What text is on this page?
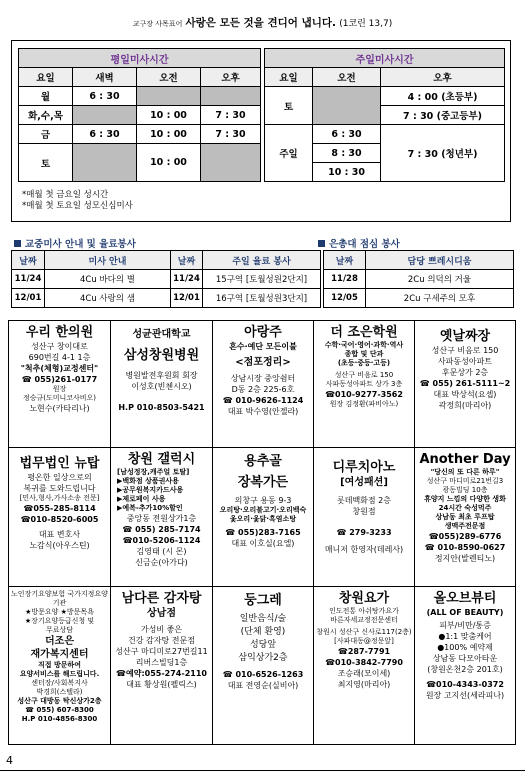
교구장 사목표어 사랑은 모든 것을 견디어 냅니다. (1코린 13,7)
평일미사시간					주일미사시간		
요일	새벽	오전	오후		요일	오전	오후
월	6 : 30				토		4 : 00 (초등부)
화,수,목		10 : 00	7 : 30				7 : 30 (중고등부)
금	6 : 30	10 : 00	7 : 30		주일	6 : 30	7 : 30 (청년부)
토		10 : 00				8 : 30	
						10 : 30	
*매월 첫 금요일 성시간
*매월 첫 토요일 성모신심미사
교중미사 안내 및 율료봉사	은총대 점심 봉사
날짜	미사 안내	날짜	주일 율료 봉사
11/24	4Cu 바다의 별	11/24	15구역 [토월성원2단지]
12/01	4Cu 사랑의 샘	12/01	16구역 [토월성원3단지]
날짜	담당 쁘레시디움
11/28	2Cu 의덕의 거울
12/05	2Cu 구세주의 모후
우리 한의원
성산구 창이대로
690번길 4-1 1층
"척추(체형)교정센터"
☎ 055)261-0177
원장
정승규(도미니코사비오)
노현수(카타리나)
성균관대학교
삼성창원병원
병원발전후원회 회장
이성호(빈첸시오)
H.P 010-8503-5421
아랑주
혼수·예단 모든이불
<점포정리>
상남시장 중앙쉼터
D동 2층 225-6호
☎ 010-9626-1124
대표 박수영(안젤라)
더 조은학원
수학·국어·영어·과학·역사
종합 및 단과
(초등·중등·고등)
성산구 비음로 150
사파동성아파트 상가 3층
☎010-9277-3562
원장 김정환(파비아노)
옛날짜장
성산구 비음로 150
사파동성아파트
후문상가 2층
☎ 055) 261-5111~2
대표 박상석(요셉)
곽정희(마리아)
법무법인 뉴탑
평온한 일상으로의
복귀를 도와드립니다
[민사,형사,가사소송 전문]
☎055-285-8114
☎010-8520-6005
대표 변호사
노감식(아우스틴)
창원 갤럭시
[남성정장,캐주얼 토탈]
▶백화점 상품권사용
▶공무원복지카드사용
▶제로페이 사용
▶예복-추가10%할인
중앙동 전원상가1층
☎ 055) 285-7174
☎010-5206-1124
김영태 (시 몬)
신금순(아가다)
용추골
장복가든
의창구 용동 9-3
오리탕·오리불고기·오리백숙
옻오리·옻닭·흑염소탕
☎ 055)283-7165
대표 이호실(요엘)
디루치아노
[여성패션]
롯데백화점 2층
창원점
☎ 279-3233
매니저 한영자(데레사)
Another Day
"당신의 또 다른 하루"
성산구 마디미로21번길3
광동빌딩 10층
휴양지 느낌의 다양한 생화
24시간 숙성먹주
상남동 최초 루프탑
생맥주전문점
☎055)289-6776
☎ 010-8590-0627
정지안(발렌티노)
노인장기요양보험 국가지정요양기관
★방문요양 ★방문목욕
★장기요양등급신청 및
무료상담
더조은
재가복지센터
직접 방문하여
요양서비스를 해드립니다.
센터장/사회복지사
박경희(스텔라)
성산구 대방동 탁신상가2층
☎ 055) 607-8300
H.P 010-4856-8300
남다른 감자탕
상남점
가성비 좋은
건강 감자탕 전문점
성산구 마디미로27번길11
리버스빌딩1층
☎예약:055-274-2110
대표 황상원(펠릭스)
둥그레
일반음식/술
(단체 환영)
성당앞
삼익상가2층
☎ 010-6526-1263
대표 전영순(실비아)
창원요가
인도전통 아쉬탕가요가
바른자세교정전문센터
창원시 성산구 신사로117(2층)
[사파대동@정문앞]
☎287-7791
☎010-3842-7790
조승래(모이세)
최지영(마리아)
올오브뷰티
(ALL OF BEAUTY)
피부/비만/통증
●1:1 맞춤케어
●100% 예약제
상남동 다모아타운
(창원온천2층 201호)
☎010-4343-0372
원장 고지선(세라피나)
4
